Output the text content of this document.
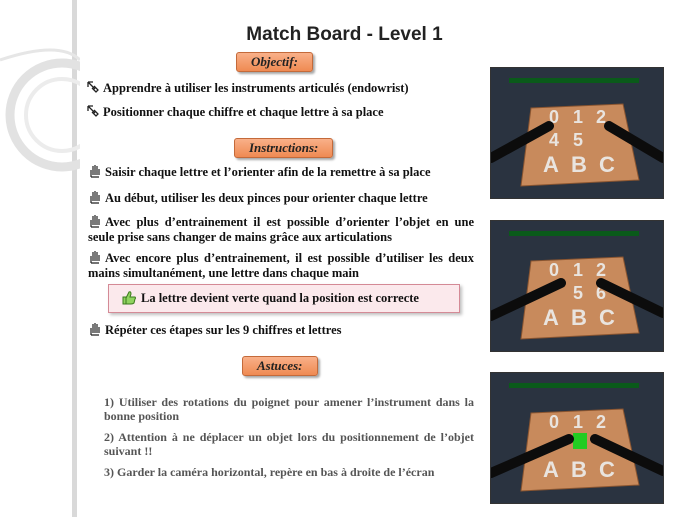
Match Board - Level 1
Objectif:
Apprendre à utiliser les instruments articulés (endowrist)
Positionner chaque chiffre et chaque lettre à sa place
Instructions:
Saisir chaque lettre et l’orienter afin de la remettre à sa place
Au début, utiliser les deux pinces pour orienter chaque lettre
Avec plus d’entrainement il est possible d’orienter l’objet en une seule prise sans changer de mains grâce aux articulations
Avec encore plus d’entrainement, il est possible d’utiliser les deux mains simultanément, une lettre dans chaque main
La lettre devient verte quand la position est correcte
Répéter ces étapes sur les 9 chiffres et lettres
Astuces:
1) Utiliser des rotations du poignet pour amener l’instrument dans la bonne position
2) Attention à ne déplacer un objet lors du positionnement de l’objet suivant !!
3) Garder la caméra horizontal, repère en bas à droite de l’écran
0 1 2
4 5
A B C
0 1 2
5 6
A B C
0 1 2
A B C
